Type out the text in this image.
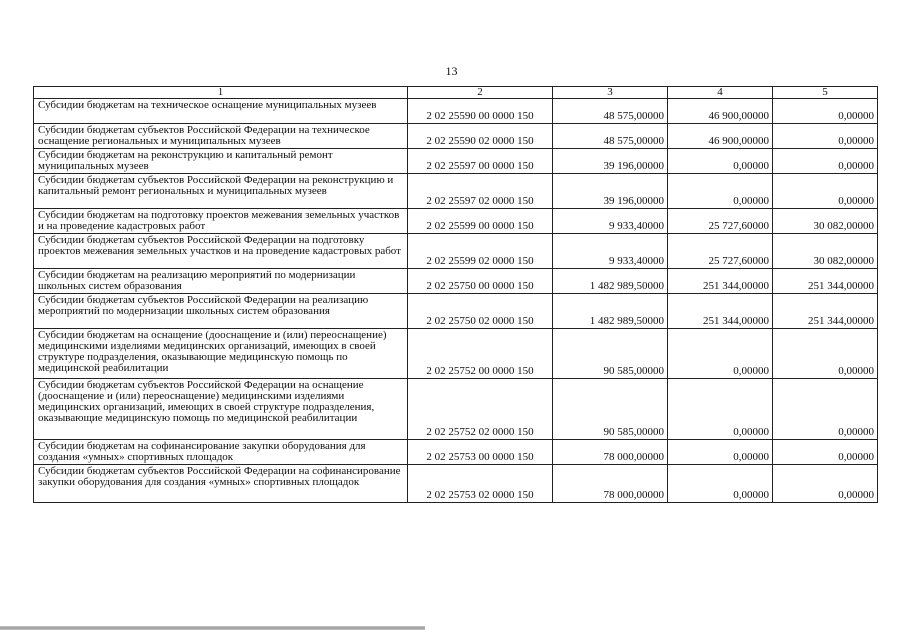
13
1	2	3	4	5
Субсидии бюджетам на техническое оснащение муниципальных музеев	2 02 25590 00 0000 150	48 575,00000	46 900,00000	0,00000
Субсидии бюджетам субъектов Российской Федерации на техническое оснащение региональных и муниципальных музеев	2 02 25590 02 0000 150	48 575,00000	46 900,00000	0,00000
Субсидии бюджетам на реконструкцию и капитальный ремонт муниципальных музеев	2 02 25597 00 0000 150	39 196,00000	0,00000	0,00000
Субсидии бюджетам субъектов Российской Федерации на реконструкцию и капитальный ремонт региональных и муниципальных музеев	2 02 25597 02 0000 150	39 196,00000	0,00000	0,00000
Субсидии бюджетам на подготовку проектов межевания земельных участков и на проведение кадастровых работ	2 02 25599 00 0000 150	9 933,40000	25 727,60000	30 082,00000
Субсидии бюджетам субъектов Российской Федерации на подготовку проектов межевания земельных участков и на проведение кадастровых работ	2 02 25599 02 0000 150	9 933,40000	25 727,60000	30 082,00000
Субсидии бюджетам на реализацию мероприятий по модернизации школьных систем образования	2 02 25750 00 0000 150	1 482 989,50000	251 344,00000	251 344,00000
Субсидии бюджетам субъектов Российской Федерации на реализацию мероприятий по модернизации школьных систем образования	2 02 25750 02 0000 150	1 482 989,50000	251 344,00000	251 344,00000
Субсидии бюджетам на оснащение (дооснащение и (или) переоснащение) медицинскими изделиями медицинских организаций, имеющих в своей структуре подразделения, оказывающие медицинскую помощь по медицинской реабилитации	2 02 25752 00 0000 150	90 585,00000	0,00000	0,00000
Субсидии бюджетам субъектов Российской Федерации на оснащение (дооснащение и (или) переоснащение) медицинскими изделиями медицинских организаций, имеющих в своей структуре подразделения, оказывающие медицинскую помощь по медицинской реабилитации	2 02 25752 02 0000 150	90 585,00000	0,00000	0,00000
Субсидии бюджетам на софинансирование закупки оборудования для создания «умных» спортивных площадок	2 02 25753 00 0000 150	78 000,00000	0,00000	0,00000
Субсидии бюджетам субъектов Российской Федерации на софинансирование закупки оборудования для создания «умных» спортивных площадок	2 02 25753 02 0000 150	78 000,00000	0,00000	0,00000
